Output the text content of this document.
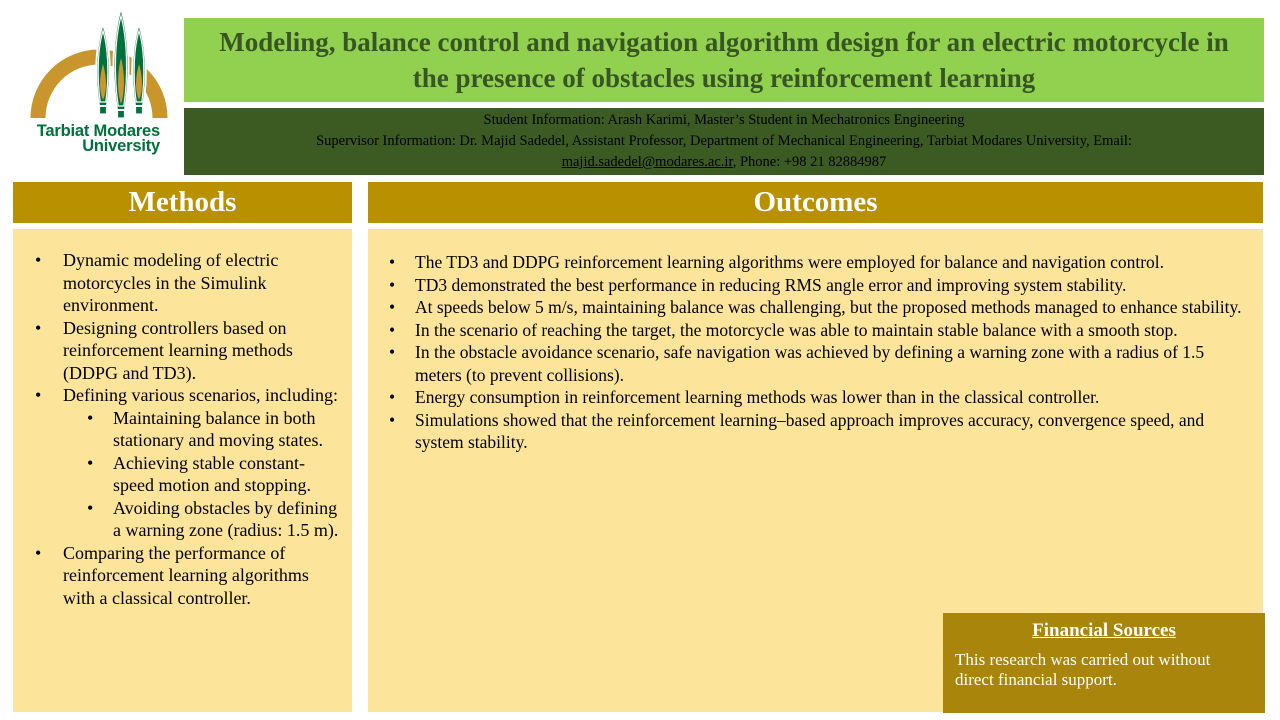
Tarbiat Modares
University
Modeling, balance control and navigation algorithm design for an electric motorcycle in the presence of obstacles using reinforcement learning
Student Information: Arash Karimi, Master’s Student in Mechatronics Engineering
Supervisor Information: Dr. Majid Sadedel, Assistant Professor, Department of Mechanical Engineering, Tarbiat Modares University, Email:
majid.sadedel@modares.ac.ir, Phone: +98 21 82884987
Methods
• Dynamic modeling of electric motorcycles in the Simulink environment.
• Designing controllers based on reinforcement learning methods (DDPG and TD3).
• Defining various scenarios, including:
• Maintaining balance in both stationary and moving states.
• Achieving stable constant-speed motion and stopping.
• Avoiding obstacles by defining a warning zone (radius: 1.5 m).
• Comparing the performance of reinforcement learning algorithms with a classical controller.
Outcomes
• The TD3 and DDPG reinforcement learning algorithms were employed for balance and navigation control.
• TD3 demonstrated the best performance in reducing RMS angle error and improving system stability.
• At speeds below 5 m/s, maintaining balance was challenging, but the proposed methods managed to enhance stability.
• In the scenario of reaching the target, the motorcycle was able to maintain stable balance with a smooth stop.
• In the obstacle avoidance scenario, safe navigation was achieved by defining a warning zone with a radius of 1.5 meters (to prevent collisions).
• Energy consumption in reinforcement learning methods was lower than in the classical controller.
• Simulations showed that the reinforcement learning–based approach improves accuracy, convergence speed, and system stability.
Financial Sources
This research was carried out without direct financial support.
